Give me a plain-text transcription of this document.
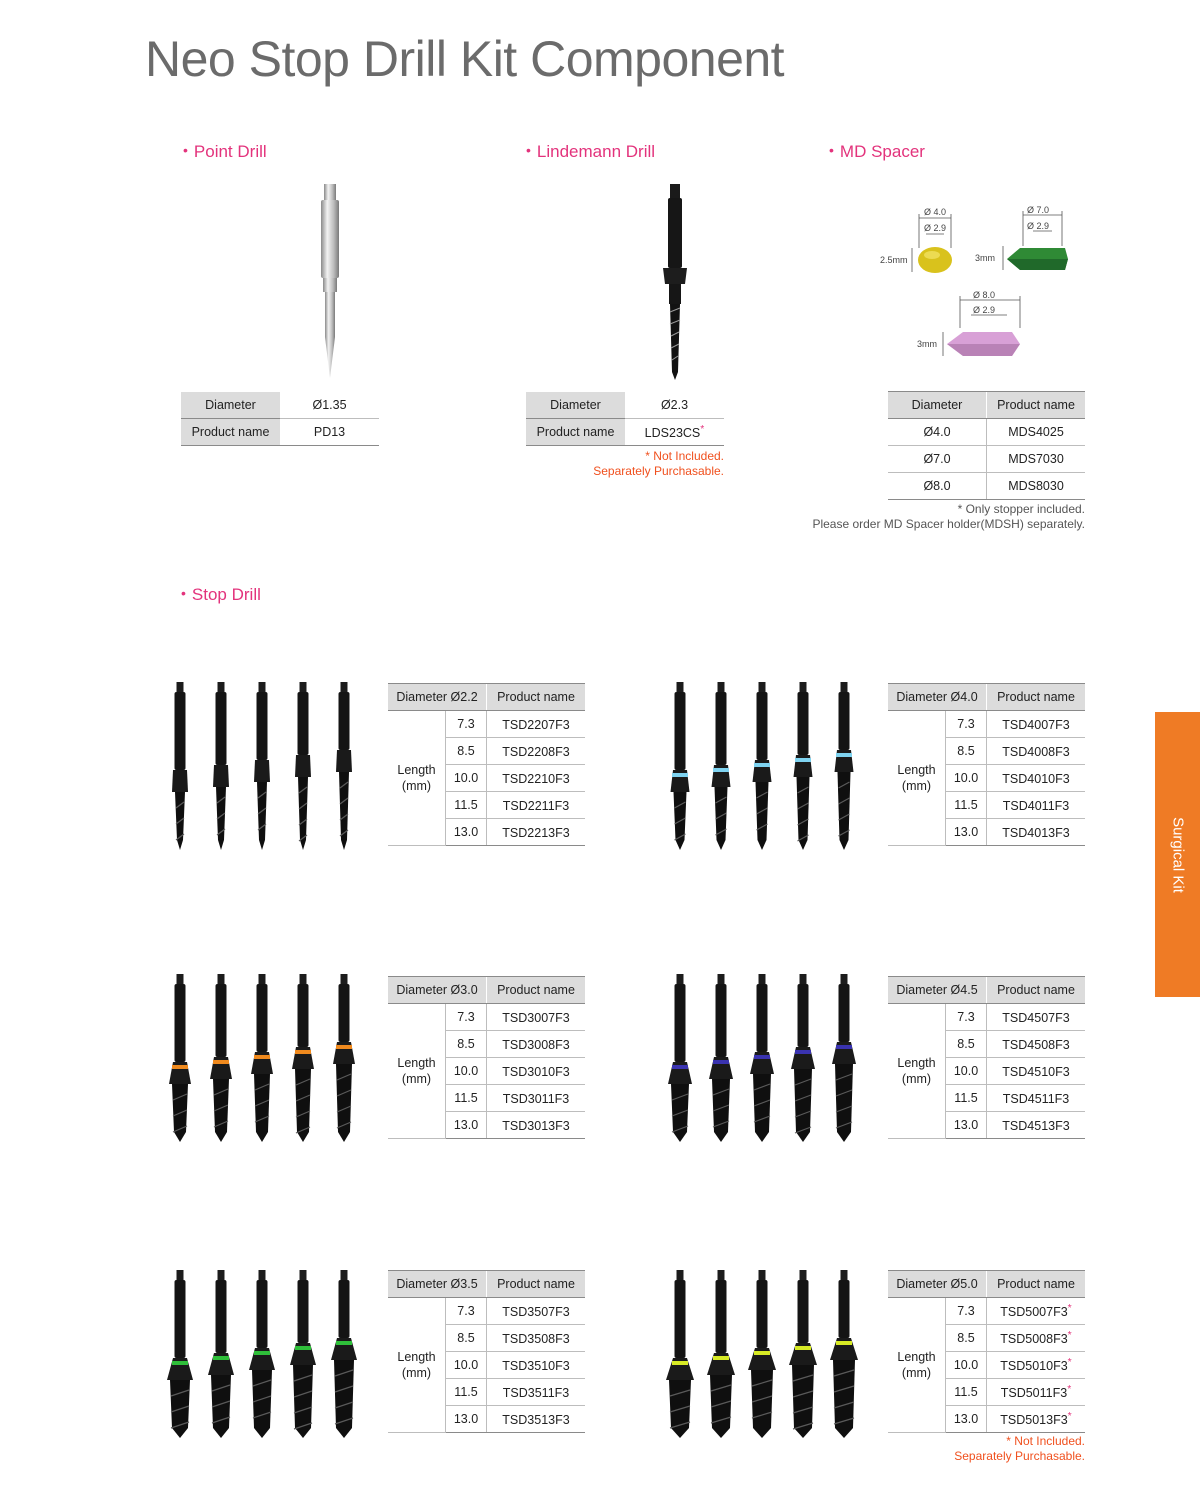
Neo Stop Drill Kit Component
• Point Drill
Diameter	Ø1.35
Product name	PD13
• Lindemann Drill
Diameter	Ø2.3
Product name	LDS23CS*
* Not Included.
Separately Purchasable.
• MD Spacer
Ø 4.0
Ø 2.9
2.5mm
Ø 7.0
Ø 2.9
3mm
Ø 8.0
Ø 2.9
3mm
Diameter	Product name
Ø4.0	MDS4025
Ø7.0	MDS7030
Ø8.0	MDS8030
* Only stopper included.
Please order MD Spacer holder(MDSH) separately.
• Stop Drill
Diameter Ø2.2		Product name
Length
(mm)	7.3	TSD2207F3
	8.5	TSD2208F3
	10.0	TSD2210F3
	11.5	TSD2211F3
	13.0	TSD2213F3
Diameter Ø4.0		Product name
Length
(mm)	7.3	TSD4007F3
	8.5	TSD4008F3
	10.0	TSD4010F3
	11.5	TSD4011F3
	13.0	TSD4013F3
Diameter Ø3.0		Product name
Length
(mm)	7.3	TSD3007F3
	8.5	TSD3008F3
	10.0	TSD3010F3
	11.5	TSD3011F3
	13.0	TSD3013F3
Diameter Ø4.5		Product name
Length
(mm)	7.3	TSD4507F3
	8.5	TSD4508F3
	10.0	TSD4510F3
	11.5	TSD4511F3
	13.0	TSD4513F3
Diameter Ø3.5		Product name
Length
(mm)	7.3	TSD3507F3
	8.5	TSD3508F3
	10.0	TSD3510F3
	11.5	TSD3511F3
	13.0	TSD3513F3
Diameter Ø5.0		Product name
Length
(mm)	7.3	TSD5007F3*
	8.5	TSD5008F3*
	10.0	TSD5010F3*
	11.5	TSD5011F3*
	13.0	TSD5013F3*
* Not Included.
Separately Purchasable.
Surgical Kit
